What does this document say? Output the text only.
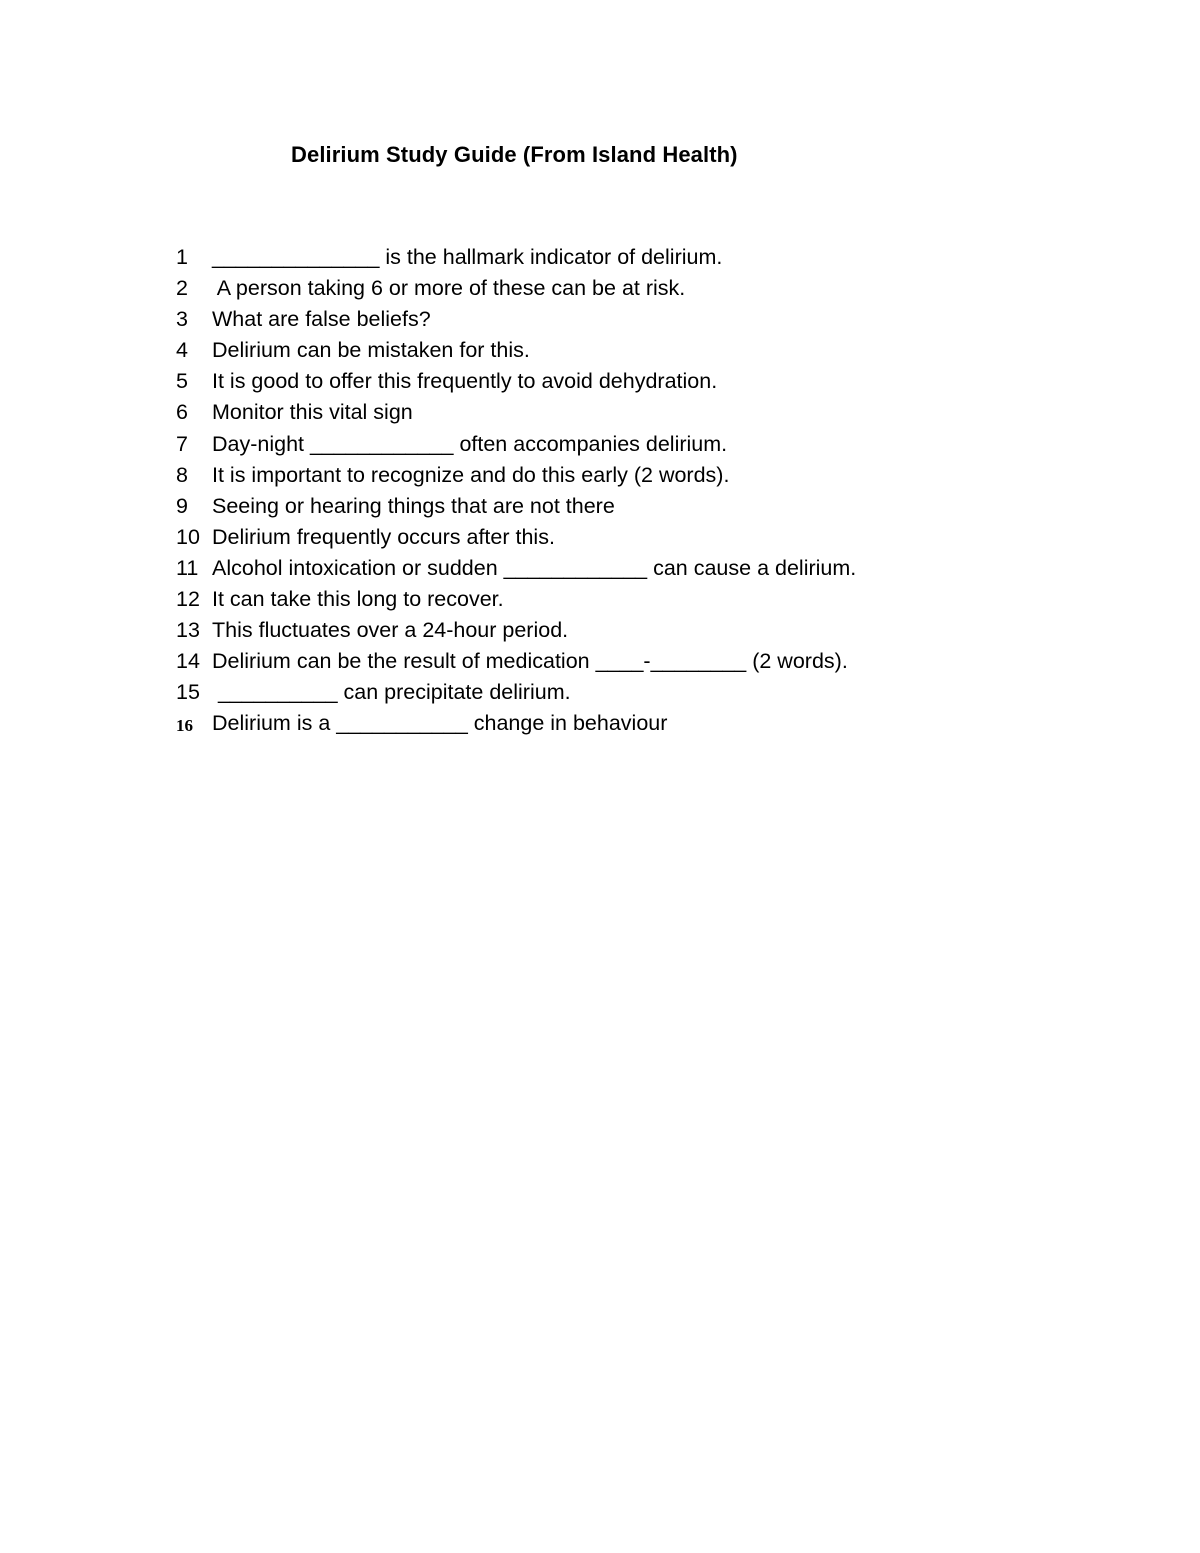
Delirium Study Guide (From Island Health)
1	______________ is the hallmark indicator of delirium.
2	A person taking 6 or more of these can be at risk.
3	What are false beliefs?
4	Delirium can be mistaken for this.
5	It is good to offer this frequently to avoid dehydration.
6	Monitor this vital sign
7	Day-night ____________ often accompanies delirium.
8	It is important to recognize and do this early (2 words).
9	Seeing or hearing things that are not there
10 Delirium frequently occurs after this.
11 Alcohol intoxication or sudden ____________ can cause a delirium.
12 It can take this long to recover.
13 This fluctuates over a 24-hour period.
14 Delirium can be the result of medication ____-________ (2 words).
15 __________ can precipitate delirium.
16 Delirium is a ___________ change in behaviour
